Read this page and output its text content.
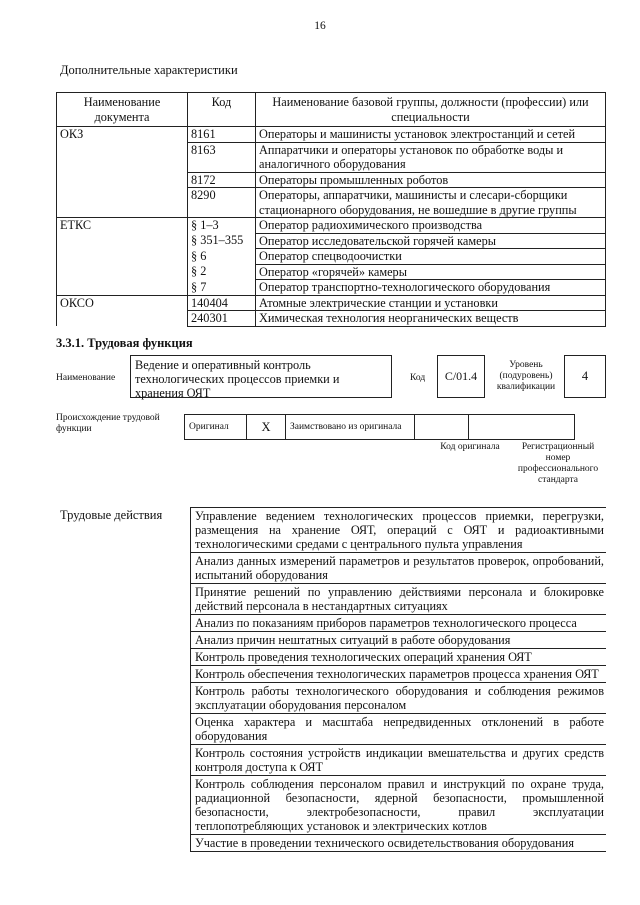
16
Дополнительные характеристики
Наименование документа	Код	Наименование базовой группы, должности (профессии) или специальности
ОКЗ	8161	Операторы и машинисты установок электростанций и сетей
	8163	Аппаратчики и операторы установок по обработке воды и аналогичного оборудования
	8172	Операторы промышленных роботов
	8290	Операторы, аппаратчики, машинисты и слесари-сборщики стационарного оборудования, не вошедшие в другие группы
ЕТКС	§ 1–3	Оператор радиохимического производства
	§ 351–355	Оператор исследовательской горячей камеры
	§ 6	Оператор спецводоочистки
	§ 2	Оператор «горячей» камеры
	§ 7	Оператор транспортно-технологического оборудования
ОКСО	140404	Атомные электрические станции и установки
	240301	Химическая технология неорганических веществ
3.3.1. Трудовая функция
Наименование
Ведение и оперативный контроль технологических процессов приемки и хранения ОЯТ
Код	С/01.4
Уровень (подуровень) квалификации
4
Происхождение трудовой функции	Оригинал	Х	Заимствовано из оригинала
Код оригинала	Регистрационный номер профессионального стандарта
Трудовые действия	Управление ведением технологических процессов приемки, перегрузки, размещения на хранение ОЯТ, операций с ОЯТ и радиоактивными технологическими средами с центрального пульта управления
Анализ данных измерений параметров и результатов проверок, опробований, испытаний оборудования
Принятие решений по управлению действиями персонала и блокировке действий персонала в нестандартных ситуациях
Анализ по показаниям приборов параметров технологического процесса
Анализ причин нештатных ситуаций в работе оборудования
Контроль проведения технологических операций хранения ОЯТ
Контроль обеспечения технологических параметров процесса хранения ОЯТ
Контроль работы технологического оборудования и соблюдения режимов эксплуатации оборудования персоналом
Оценка характера и масштаба непредвиденных отклонений в работе оборудования
Контроль состояния устройств индикации вмешательства и других средств контроля доступа к ОЯТ
Контроль соблюдения персоналом правил и инструкций по охране труда, радиационной безопасности, ядерной безопасности, промышленной безопасности, электробезопасности, правил эксплуатации теплопотребляющих установок и электрических котлов
Участие в проведении технического освидетельствования оборудования
